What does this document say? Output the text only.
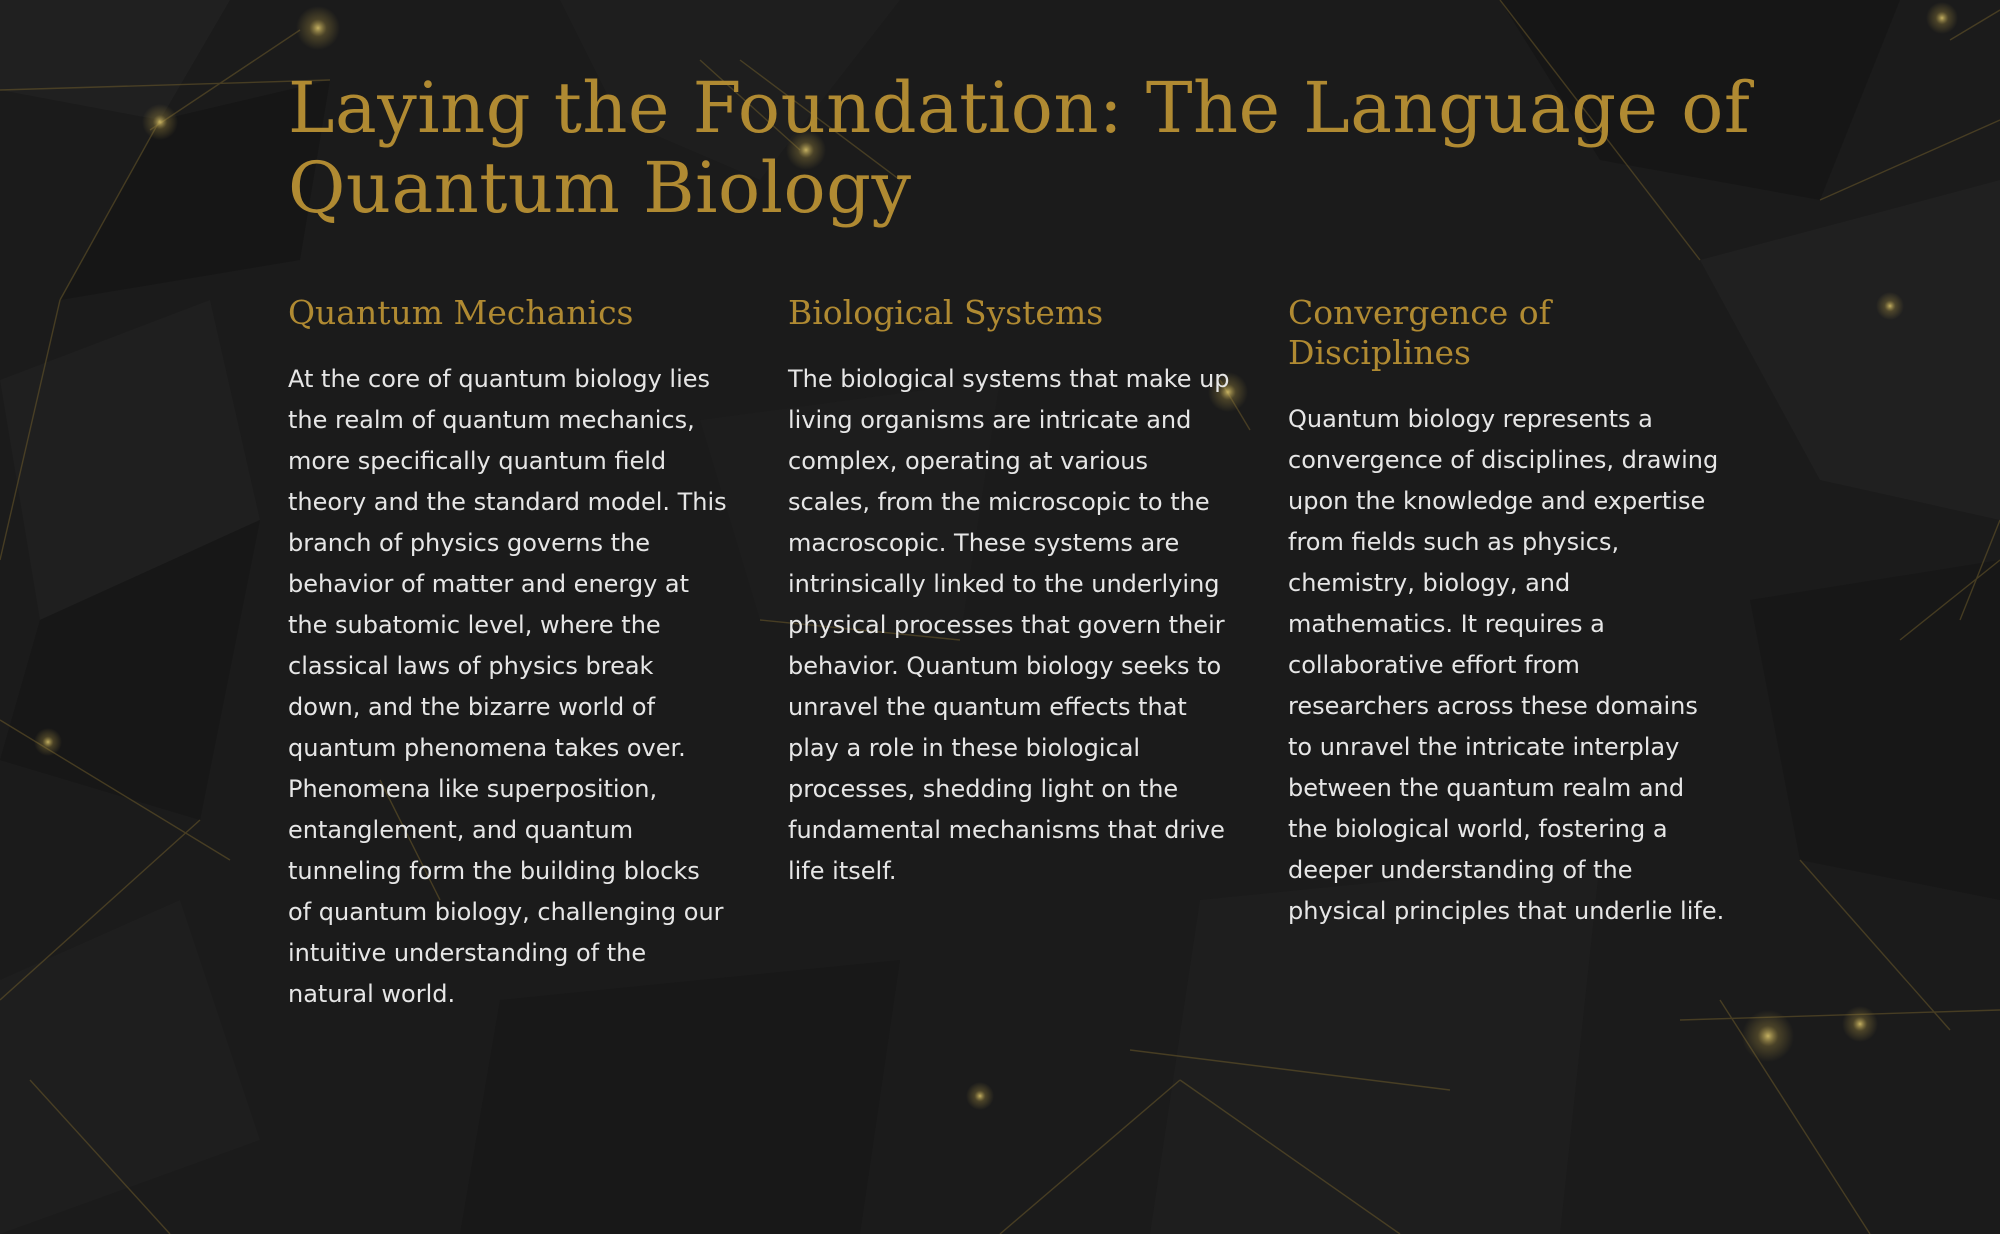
Laying the Foundation: The Language of Quantum Biology
Quantum Mechanics

At the core of quantum biology lies the realm of quantum mechanics, more specifically quantum field theory and the standard model. This branch of physics governs the behavior of matter and energy at the subatomic level, where the classical laws of physics break down, and the bizarre world of quantum phenomena takes over. Phenomena like superposition, entanglement, and quantum tunneling form the building blocks of quantum biology, challenging our intuitive understanding of the natural world.

Biological Systems

The biological systems that make up living organisms are intricate and complex, operating at various scales, from the microscopic to the macroscopic. These systems are intrinsically linked to the underlying physical processes that govern their behavior. Quantum biology seeks to unravel the quantum effects that play a role in these biological processes, shedding light on the fundamental mechanisms that drive life itself.

Convergence of Disciplines

Quantum biology represents a convergence of disciplines, drawing upon the knowledge and expertise from fields such as physics, chemistry, biology, and mathematics. It requires a collaborative effort from researchers across these domains to unravel the intricate interplay between the quantum realm and the biological world, fostering a deeper understanding of the physical principles that underlie life.
